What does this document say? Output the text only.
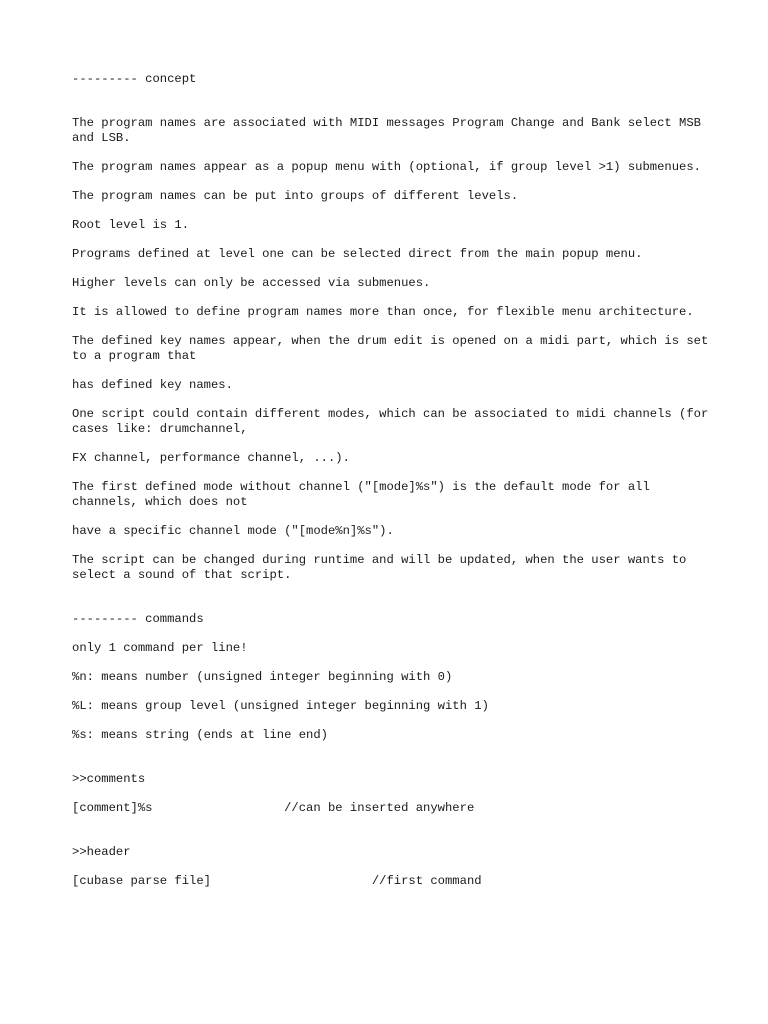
--------- concept

The program names are associated with MIDI messages Program Change and Bank select MSB and LSB.

The program names appear as a popup menu with (optional, if group level >1) submenues.

The program names can be put into groups of different levels.

Root level is 1.

Programs defined at level one can be selected direct from the main popup menu.

Higher levels can only be accessed via submenues.

It is allowed to define program names more than once, for flexible menu architecture.

The defined key names appear, when the drum edit is opened on a midi part, which is set to a program that

has defined key names.

One script could contain different modes, which can be associated to midi channels (for cases like: drumchannel,

FX channel, performance channel, ...).

The first defined mode without channel ("[mode]%s") is the default mode for all channels, which does not

have a specific channel mode ("[mode%n]%s").

The script can be changed during runtime and will be updated, when the user wants to select a sound of that script.

--------- commands

only 1 command per line!

%n: means number (unsigned integer beginning with 0)

%L: means group level (unsigned integer beginning with 1)

%s: means string (ends at line end)

>>comments

[comment]%s                  //can be inserted anywhere

>>header

[cubase parse file]                      //first command
